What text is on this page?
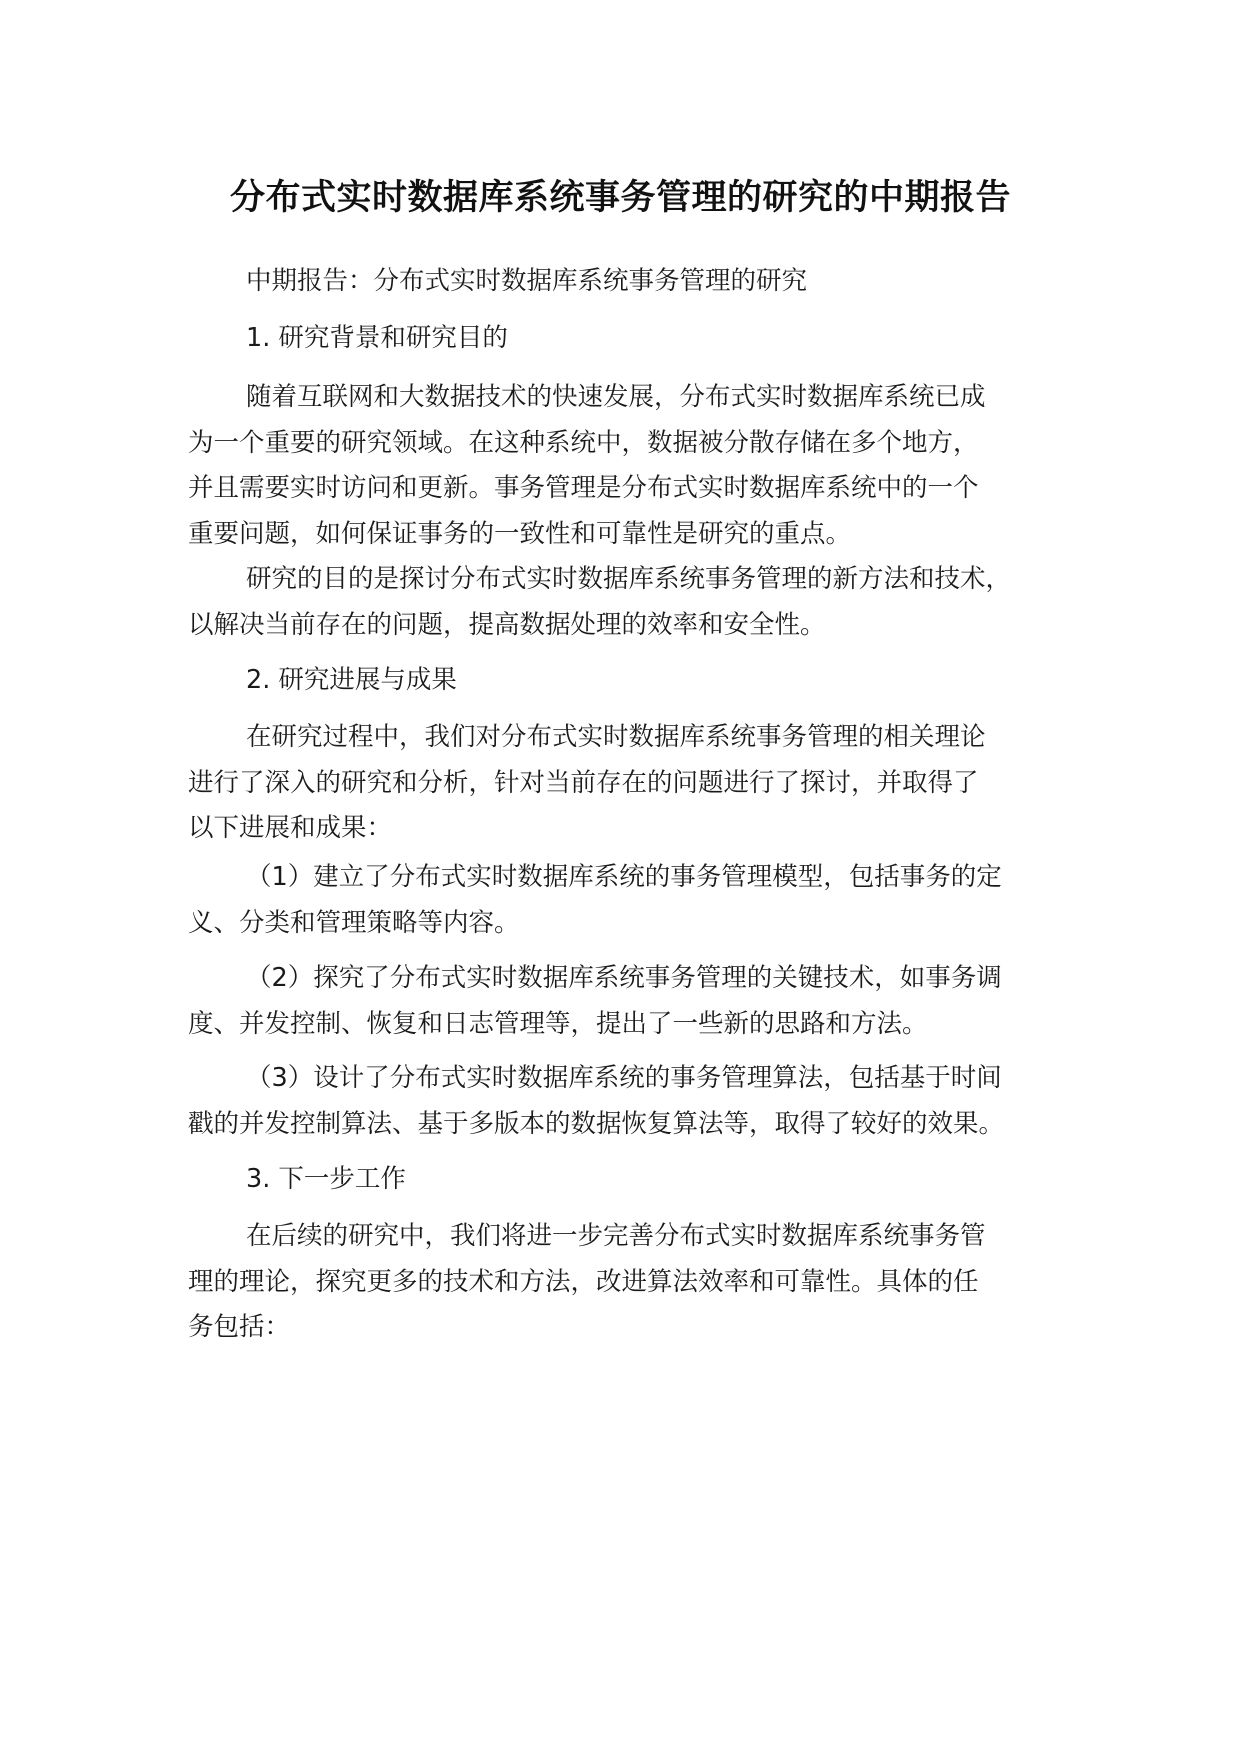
分布式实时数据库系统事务管理的研究的中期报告

中期报告：分布式实时数据库系统事务管理的研究

1. 研究背景和研究目的

随着互联网和大数据技术的快速发展，分布式实时数据库系统已成
为一个重要的研究领域。在这种系统中，数据被分散存储在多个地方，
并且需要实时访问和更新。事务管理是分布式实时数据库系统中的一个
重要问题，如何保证事务的一致性和可靠性是研究的重点。

研究的目的是探讨分布式实时数据库系统事务管理的新方法和技术，
以解决当前存在的问题，提高数据处理的效率和安全性。

2. 研究进展与成果

在研究过程中，我们对分布式实时数据库系统事务管理的相关理论
进行了深入的研究和分析，针对当前存在的问题进行了探讨，并取得了
以下进展和成果：

（1）建立了分布式实时数据库系统的事务管理模型，包括事务的定
义、分类和管理策略等内容。

（2）探究了分布式实时数据库系统事务管理的关键技术，如事务调
度、并发控制、恢复和日志管理等，提出了一些新的思路和方法。

（3）设计了分布式实时数据库系统的事务管理算法，包括基于时间
戳的并发控制算法、基于多版本的数据恢复算法等，取得了较好的效果。

3. 下一步工作

在后续的研究中，我们将进一步完善分布式实时数据库系统事务管
理的理论，探究更多的技术和方法，改进算法效率和可靠性。具体的任
务包括：
